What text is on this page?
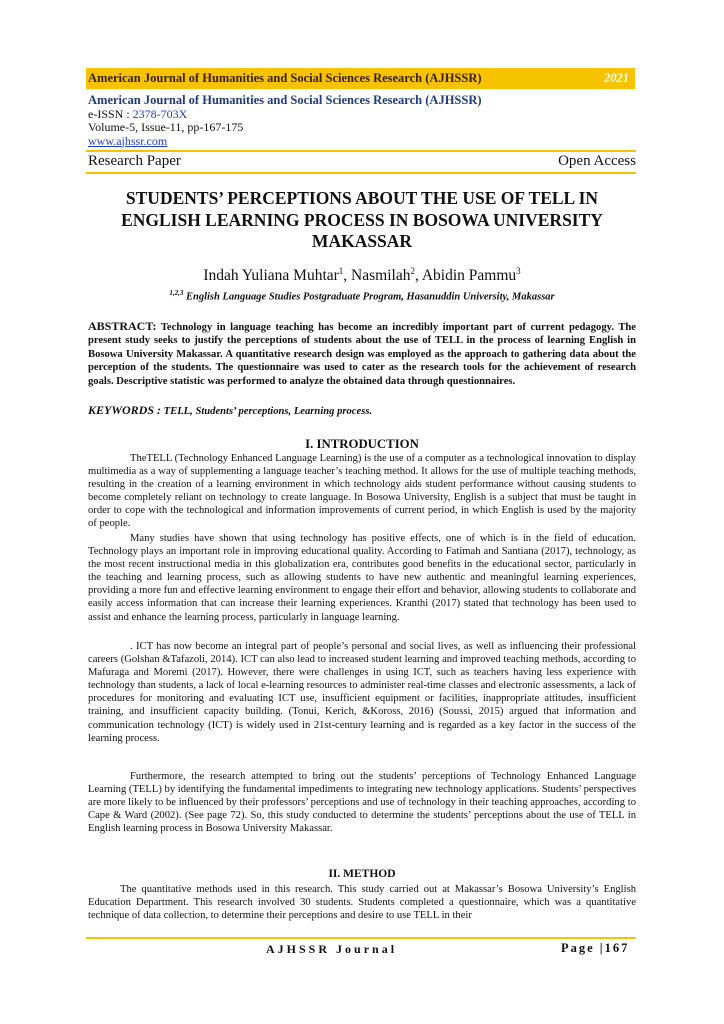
American Journal of Humanities and Social Sciences Research (AJHSSR)	2021
American Journal of Humanities and Social Sciences Research (AJHSSR)
e-ISSN : 2378-703X
Volume-5, Issue-11, pp-167-175
www.ajhssr.com
Research Paper	Open Access
STUDENTS’ PERCEPTIONS ABOUT THE USE OF TELL IN ENGLISH LEARNING PROCESS IN BOSOWA UNIVERSITY MAKASSAR
Indah Yuliana Muhtar$^1$, Nasmilah$^2$, Abidin Pammu$^3$
$^{1,2,3}$ English Language Studies Postgraduate Program, Hasanuddin University, Makassar
ABSTRACT: Technology in language teaching has become an incredibly important part of current pedagogy. The present study seeks to justify the perceptions of students about the use of TELL in the process of learning English in Bosowa University Makassar. A quantitative research design was employed as the approach to gathering data about the perception of the students. The questionnaire was used to cater as the research tools for the achievement of research goals. Descriptive statistic was performed to analyze the obtained data through questionnaires.
KEYWORDS : TELL, Students’ perceptions, Learning process.
I. INTRODUCTION

TheTELL (Technology Enhanced Language Learning) is the use of a computer as a technological innovation to display multimedia as a way of supplementing a language teacher’s teaching method. It allows for the use of multiple teaching methods, resulting in the creation of a learning environment in which technology aids student performance without causing students to become completely reliant on technology to create language. In Bosowa University, English is a subject that must be taught in order to cope with the technological and information improvements of current period, in which English is used by the majority of people.

Many studies have shown that using technology has positive effects, one of which is in the field of education. Technology plays an important role in improving educational quality. According to Fatimah and Santiana (2017), technology, as the most recent instructional media in this globalization era, contributes good benefits in the educational sector, particularly in the teaching and learning process, such as allowing students to have new authentic and meaningful learning experiences, providing a more fun and effective learning environment to engage their effort and behavior, allowing students to collaborate and easily access information that can increase their learning experiences. Kranthi (2017) stated that technology has been used to assist and enhance the learning process, particularly in language learning.

. ICT has now become an integral part of people’s personal and social lives, as well as influencing their professional careers (Golshan &Tafazoli, 2014). ICT can also lead to increased student learning and improved teaching methods, according to Mafuraga and Moremi (2017). However, there were challenges in using ICT, such as teachers having less experience with technology than students, a lack of local e-learning resources to administer real-time classes and electronic assessments, a lack of procedures for monitoring and evaluating ICT use, insufficient equipment or facilities, inappropriate attitudes, insufficient training, and insufficient capacity building. (Tonui, Kerich, &Koross, 2016) (Soussi, 2015) argued that information and communication technology (ICT) is widely used in 21st-century learning and is regarded as a key factor in the success of the learning process.

Furthermore, the research attempted to bring out the students’ perceptions of Technology Enhanced Language Learning (TELL) by identifying the fundamental impediments to integrating new technology applications. Students’ perspectives are more likely to be influenced by their professors’ perceptions and use of technology in their teaching approaches, according to Cape & Ward (2002). (See page 72). So, this study conducted to determine the students’ perceptions about the use of TELL in English learning process in Bosowa University Makassar.

II. METHOD

The quantitative methods used in this research. This study carried out at Makassar’s Bosowa University’s English Education Department. This research involved 30 students. Students completed a questionnaire, which was a quantitative technique of data collection, to determine their perceptions and desire to use TELL in their

AJHSSR Journal	Page |167
